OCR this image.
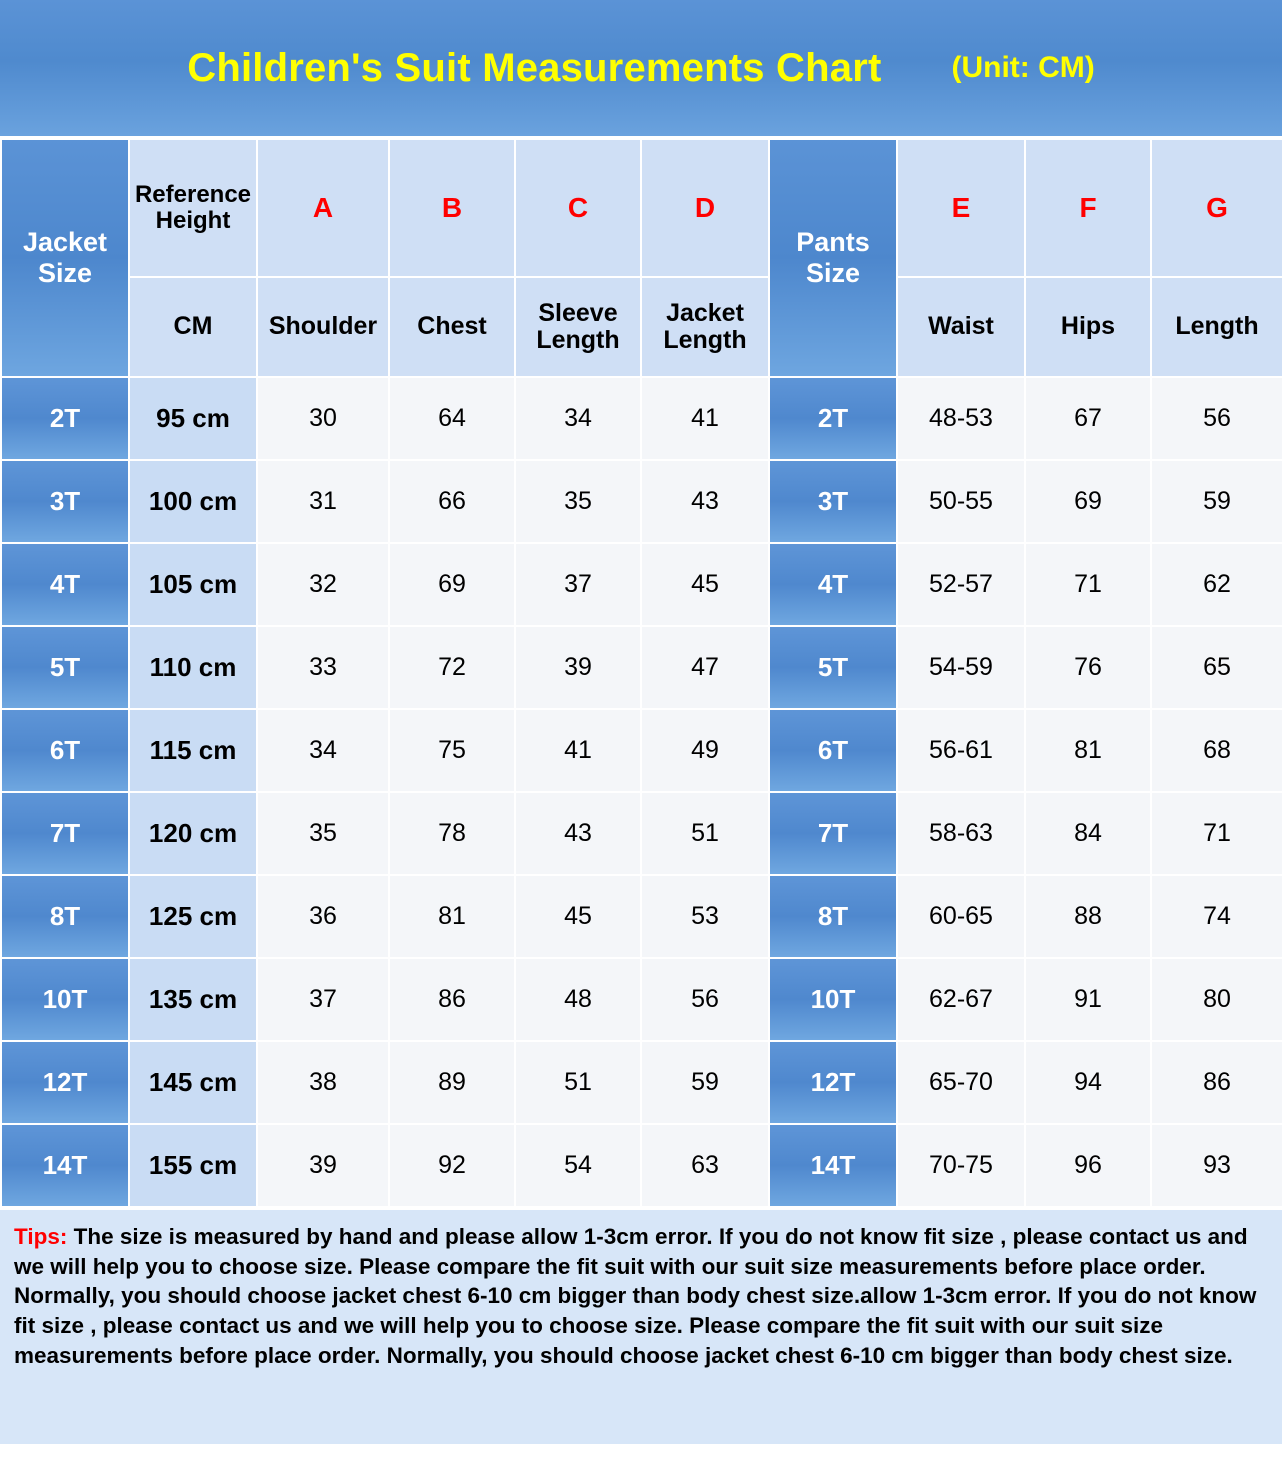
Children's Suit Measurements Chart (Unit: CM)
Jacket Size	Reference Height	A	B	C	D	Pants Size	E	F	G
	CM	Shoulder	Chest	Sleeve Length	Jacket Length		Waist	Hips	Length
2T	95 cm	30	64	34	41	2T	48-53	67	56
3T	100 cm	31	66	35	43	3T	50-55	69	59
4T	105 cm	32	69	37	45	4T	52-57	71	62
5T	110 cm	33	72	39	47	5T	54-59	76	65
6T	115 cm	34	75	41	49	6T	56-61	81	68
7T	120 cm	35	78	43	51	7T	58-63	84	71
8T	125 cm	36	81	45	53	8T	60-65	88	74
10T	135 cm	37	86	48	56	10T	62-67	91	80
12T	145 cm	38	89	51	59	12T	65-70	94	86
14T	155 cm	39	92	54	63	14T	70-75	96	93
Tips: The size is measured by hand and please allow 1-3cm error. If you do not know fit size , please contact us and we will help you to choose size. Please compare the fit suit with our suit size measurements before place order. Normally, you should choose jacket chest 6-10 cm bigger than body chest size.allow 1-3cm error. If you do not know fit size , please contact us and we will help you to choose size. Please compare the fit suit with our suit size measurements before place order. Normally, you should choose jacket chest 6-10 cm bigger than body chest size.
